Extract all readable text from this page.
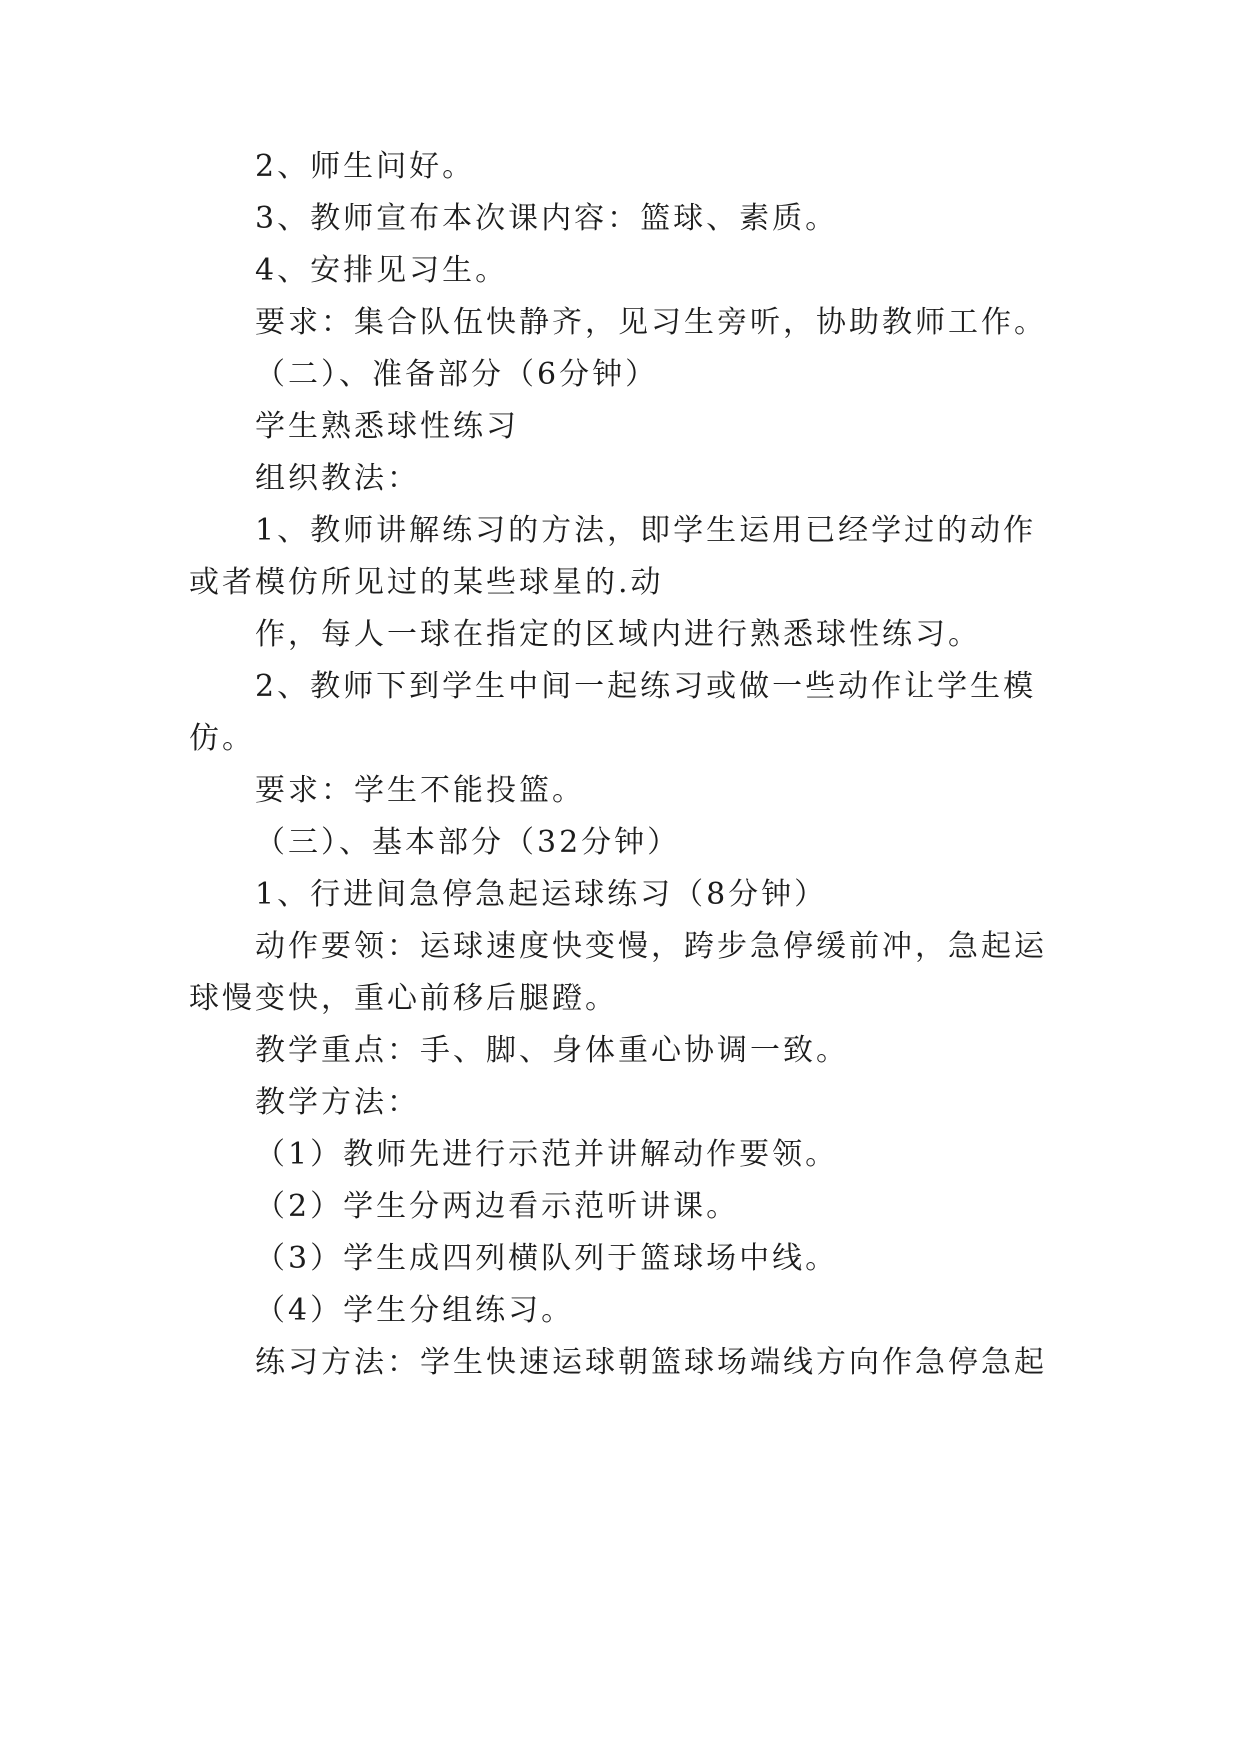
2、师生问好。
3、教师宣布本次课内容：篮球、素质。
4、安排见习生。
要求：集合队伍快静齐，见习生旁听，协助教师工作。
（二）、准备部分（6分钟）
学生熟悉球性练习
组织教法：
1、教师讲解练习的方法，即学生运用已经学过的动作
或者模仿所见过的某些球星的.动
作，每人一球在指定的区域内进行熟悉球性练习。
2、教师下到学生中间一起练习或做一些动作让学生模
仿。
要求：学生不能投篮。
（三）、基本部分（32分钟）
1、行进间急停急起运球练习（8分钟）
动作要领：运球速度快变慢，跨步急停缓前冲，急起运
球慢变快，重心前移后腿蹬。
教学重点：手、脚、身体重心协调一致。
教学方法：
（1）教师先进行示范并讲解动作要领。
（2）学生分两边看示范听讲课。
（3）学生成四列横队列于篮球场中线。
（4）学生分组练习。
练习方法：学生快速运球朝篮球场端线方向作急停急起
